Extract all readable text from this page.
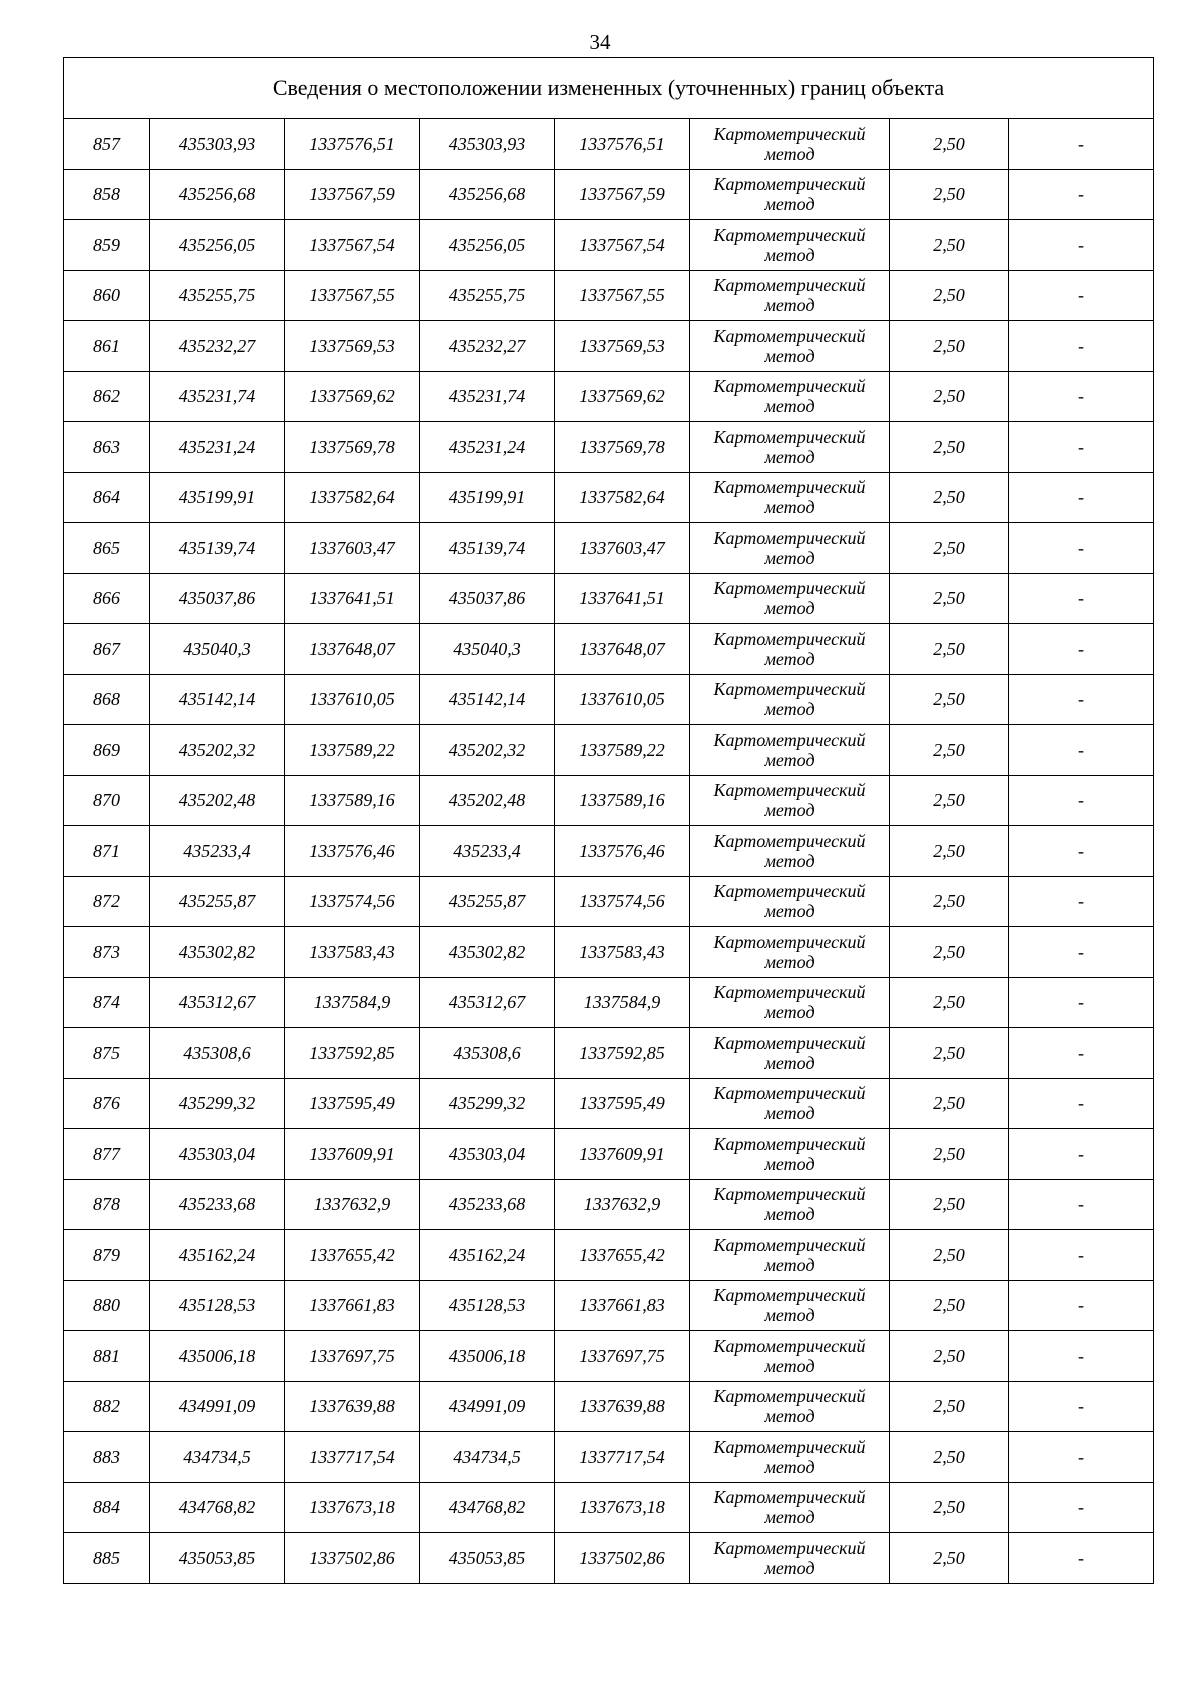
34
Сведения о местоположении измененных (уточненных) границ объекта							
857	435303,93	1337576,51	435303,93	1337576,51	Картометрический метод	2,50	-
858	435256,68	1337567,59	435256,68	1337567,59	Картометрический метод	2,50	-
859	435256,05	1337567,54	435256,05	1337567,54	Картометрический метод	2,50	-
860	435255,75	1337567,55	435255,75	1337567,55	Картометрический метод	2,50	-
861	435232,27	1337569,53	435232,27	1337569,53	Картометрический метод	2,50	-
862	435231,74	1337569,62	435231,74	1337569,62	Картометрический метод	2,50	-
863	435231,24	1337569,78	435231,24	1337569,78	Картометрический метод	2,50	-
864	435199,91	1337582,64	435199,91	1337582,64	Картометрический метод	2,50	-
865	435139,74	1337603,47	435139,74	1337603,47	Картометрический метод	2,50	-
866	435037,86	1337641,51	435037,86	1337641,51	Картометрический метод	2,50	-
867	435040,3	1337648,07	435040,3	1337648,07	Картометрический метод	2,50	-
868	435142,14	1337610,05	435142,14	1337610,05	Картометрический метод	2,50	-
869	435202,32	1337589,22	435202,32	1337589,22	Картометрический метод	2,50	-
870	435202,48	1337589,16	435202,48	1337589,16	Картометрический метод	2,50	-
871	435233,4	1337576,46	435233,4	1337576,46	Картометрический метод	2,50	-
872	435255,87	1337574,56	435255,87	1337574,56	Картометрический метод	2,50	-
873	435302,82	1337583,43	435302,82	1337583,43	Картометрический метод	2,50	-
874	435312,67	1337584,9	435312,67	1337584,9	Картометрический метод	2,50	-
875	435308,6	1337592,85	435308,6	1337592,85	Картометрический метод	2,50	-
876	435299,32	1337595,49	435299,32	1337595,49	Картометрический метод	2,50	-
877	435303,04	1337609,91	435303,04	1337609,91	Картометрический метод	2,50	-
878	435233,68	1337632,9	435233,68	1337632,9	Картометрический метод	2,50	-
879	435162,24	1337655,42	435162,24	1337655,42	Картометрический метод	2,50	-
880	435128,53	1337661,83	435128,53	1337661,83	Картометрический метод	2,50	-
881	435006,18	1337697,75	435006,18	1337697,75	Картометрический метод	2,50	-
882	434991,09	1337639,88	434991,09	1337639,88	Картометрический метод	2,50	-
883	434734,5	1337717,54	434734,5	1337717,54	Картометрический метод	2,50	-
884	434768,82	1337673,18	434768,82	1337673,18	Картометрический метод	2,50	-
885	435053,85	1337502,86	435053,85	1337502,86	Картометрический метод	2,50	-
